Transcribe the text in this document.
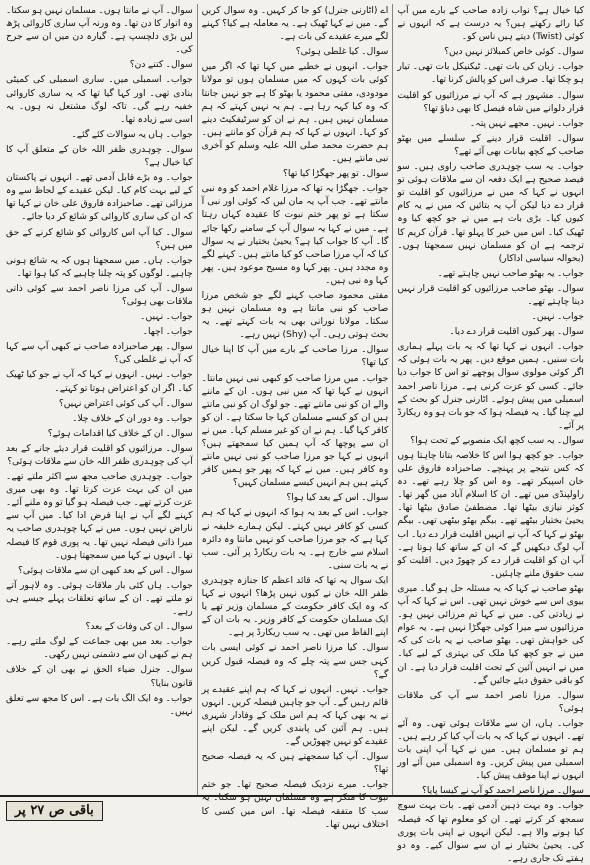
سوال۔ آپ نے مانتا ہوں۔ مسلمان نہیں ہو سکتا۔ وہ اتوار کا دن تھا۔ وہ ورنہ آپ ساری کاروائی پڑھ لیں بڑی دلچسپ ہے۔ گیارہ دن میں ان سے جرح کی۔

سوال۔ کتنے دن؟

جواب۔ اسمبلی میں۔ ساری اسمبلی کی کمیٹی بنادی تھی۔ اور کہا گیا تھا کہ یہ ساری کاروائی خفیہ رہے گی۔ تاکہ لوگ مشتعل نہ ہوں۔ یہ اسی سے زیادہ تھا۔

جواب۔ ہاں یہ سوالات کئے گئے۔

سوال۔ چوہدری ظفر اللہ خان کے متعلق آپ کا کیا خیال ہے؟

جواب۔ وہ بڑے قابل آدمی تھے۔ انہوں نے پاکستان کے لیے بہت کام کیا۔ لیکن عقیدے کے لحاظ سے وہ مرزائی تھے۔ صاحبزادہ فاروق علی خان نے کہا تھا کہ ان کی ساری کاروائی کو شائع کر دیا جائے۔

سوال۔ کیا آپ اس کاروائی کو شائع کرنے کے حق میں ہیں؟

جواب۔ ہاں۔ میں سمجھتا ہوں کہ یہ شائع ہونی چاہیے۔ لوگوں کو پتہ چلنا چاہیے کہ کیا ہوا تھا۔

سوال۔ آپ کی مرزا ناصر احمد سے کوئی ذاتی ملاقات بھی ہوئی؟

جواب۔ نہیں۔

جواب۔ اچھا۔

سوال۔ پھر صاحبزادہ صاحب نے کبھی آپ سے کہا کہ آپ نے غلطی کی؟

جواب۔ نہیں۔ انہوں نے کہا کہ آپ نے جو کیا ٹھیک کیا۔ اگر ان کو اعتراض ہوتا تو کہتے۔

سوال۔ آپ کی کوئی اعتراض نہیں؟

جواب۔ وہ دور ان کے خلاف چلا۔

سوال۔ ان کے خلاف کیا اقدامات ہوئے؟

سوال۔ مرزائیوں کو اقلیت قرار دیئے جانے کے بعد آپ کی چوہدری ظفر اللہ خان سے ملاقات ہوئی؟

جواب۔ چوہدری صاحب مجھ سے اکثر ملتے تھے۔ میں ان کی بہت عزت کرتا تھا۔ وہ بھی میری عزت کرتے تھے۔ جب فیصلہ ہو گیا تو وہ ملنے آئے۔ کہنے لگے آپ نے اپنا فرض ادا کیا۔ میں آپ سے ناراض نہیں ہوں۔ میں نے کہا چوہدری صاحب یہ میرا ذاتی فیصلہ نہیں تھا۔ یہ پوری قوم کا فیصلہ تھا۔ انہوں نے کہا میں سمجھتا ہوں۔

سوال۔ اس کے بعد کبھی ان سے ملاقات ہوئی؟

جواب۔ ہاں کئی بار ملاقات ہوئی۔ وہ لاہور آتے تو ملتے تھے۔ ان کے ساتھ تعلقات پہلے جیسے ہی رہے۔

سوال۔ ان کی وفات کے بعد؟

جواب۔ بعد میں بھی جماعت کے لوگ ملتے رہے۔ ہم نے کبھی ان سے دشمنی نہیں رکھی۔

سوال۔ جنرل ضیاء الحق نے بھی ان کے خلاف قانون بنایا؟

جواب۔ وہ ایک الگ بات ہے۔ اس کا مجھ سے تعلق نہیں۔

اے (اٹارنی جنرل) کو جا کر کہیں۔ وہ سوال کریں گے۔ میں نے کہا ٹھیک ہے۔ یہ معاملہ ہے کیا؟ کہنے لگے میرے عقیدے کی بات ہے۔

سوال۔ کیا غلطی ہوئی؟

جواب۔ انہوں نے خطبے میں کہا تھا کہ اگر میں کوئی بات کہوں کہ میں مسلمان ہوں تو مولانا مودودی، مفتی محمود یا بھٹو کا ہے جو نہیں جانتا کہ وہ کیا کہہ رہا ہے۔ ہم یہ نہیں کہتے کہ ہم مسلمان نہیں ہیں۔ ہم نے ان کو سرٹیفکیٹ دینے کو کہا۔ انہوں نے کہا کہ ہم قرآن کو مانتے ہیں۔ ہم حضرت محمد صلی اللہ علیہ وسلم کو آخری نبی مانتے ہیں۔

سوال۔ تو پھر جھگڑا کیا تھا؟

جواب۔ جھگڑا یہ تھا کہ مرزا غلام احمد کو وہ نبی مانتے تھے۔ جب آپ یہ مان لیں کہ کوئی اور نبی آ سکتا ہے تو پھر ختم نبوت کا عقیدہ کہاں رہتا ہے۔ میں نے کہا یہ سوال آپ کے سامنے رکھا جائے گا۔ آپ کا جواب کیا ہے؟ یحییٰ بختیار نے یہ سوال کیا کہ آپ مرزا صاحب کو کیا مانتے ہیں۔ کہنے لگے وہ مجدد ہیں۔ پھر کہا وہ مسیح موعود ہیں۔ پھر کہا وہ نبی ہیں۔

مفتی محمود صاحب کہنے لگے جو شخص مرزا صاحب کو نبی مانتا ہے وہ مسلمان نہیں ہو سکتا۔ مولانا نورانی بھی یہ بات کہتے تھے۔ یہ بحث ہوتی رہی۔ آپ (Shy) نہیں رہے۔

سوال۔ مرزا صاحب کے بارے میں آپ کا اپنا خیال کیا تھا؟

جواب۔ میں مرزا صاحب کو کبھی نبی نہیں مانتا۔ انہوں نے کہا تھا کہ میں نبی ہوں۔ ان کے ماننے والے ان کو نبی مانتے تھے۔ جو لوگ ان کو نبی مانتے ہیں ان کو کیسے مسلمان کہا جا سکتا ہے۔ ان کو کافر کہا گیا۔ ہم نے ان کو غیر مسلم کہا۔ میں نے ان سے پوچھا کہ آپ ہمیں کیا سمجھتے ہیں؟ انہوں نے کہا جو مرزا صاحب کو نبی نہیں مانتے وہ کافر ہیں۔ میں نے کہا کہ پھر جو ہمیں کافر کہتے ہیں ہم انہیں کیسے مسلمان کہیں؟

سوال۔ اس کے بعد کیا ہوا؟

جواب۔ اس کے بعد یہ ہوا کہ انہوں نے کہا کہ ہم کسی کو کافر نہیں کہتے۔ لیکن ہمارے خلیفہ نے کہا ہے کہ جو مرزا صاحب کو نہیں مانتا وہ دائرہ اسلام سے خارج ہے۔ یہ بات ریکارڈ پر آئی۔ سب نے یہ بات سنی۔

ایک سوال یہ تھا کہ قائد اعظم کا جنازہ چوہدری ظفر اللہ خان نے کیوں نہیں پڑھا؟ انہوں نے کہا کہ وہ ایک کافر حکومت کے مسلمان وزیر تھے یا ایک مسلمان حکومت کے کافر وزیر۔ یہ بات ان کے اپنے الفاظ میں تھی۔ یہ سب ریکارڈ پر ہے۔

سوال۔ کیا مرزا ناصر احمد نے کوئی ایسی بات کہی جس سے پتہ چلے کہ وہ فیصلہ قبول کریں گے؟

جواب۔ نہیں۔ انہوں نے کہا کہ ہم اپنے عقیدے پر قائم رہیں گے۔ آپ جو چاہیں فیصلہ کریں۔ انہوں نے یہ بھی کہا کہ ہم اس ملک کے وفادار شہری ہیں۔ ہم آئین کی پابندی کریں گے۔ لیکن اپنے عقیدے کو نہیں چھوڑیں گے۔

سوال۔ آپ کیا سمجھتے ہیں کہ یہ فیصلہ صحیح تھا؟

جواب۔ میرے نزدیک فیصلہ صحیح تھا۔ جو ختم نبوت کا منکر ہے وہ مسلمان نہیں ہو سکتا۔ یہ سب کا متفقہ فیصلہ تھا۔ اس میں کسی کا اختلاف نہیں تھا۔

کیا خیال ہے؟ نواب زادہ صاحب کے بارے میں آپ کیا رائے رکھتے ہیں؟ یہ درست ہے کہ انہوں نے کوئی (Twist) دیتے ہیں ناس کو۔

سوال۔ کوئی خاص کمبلائز نہیں دیں؟

جواب۔ زبان کی بات تھی۔ ٹیکنیکل بات تھی۔ تیار ہو چکا تھا۔ صرف اس کو پالش کرنا تھا۔

سوال۔ مشہور ہے کہ آپ نے مرزائیوں کو اقلیت قرار دلوانے میں شاہ فیصل کا بھی دباؤ تھا؟

جواب۔ نہیں۔ مجھے نہیں پتہ۔

سوال۔ اقلیت قرار دینے کے سلسلے میں بھٹو صاحب کے کچھ بیانات بھی آئے تھے؟

جواب۔ یہ سب چوہدری صاحب راوی ہیں۔ سو فیصد صحیح ہے ایک دفعہ ان سے ملاقات ہوئی تو انہوں نے کہا کہ میں نے مرزائیوں کو اقلیت تو قرار دے دیا لیکن آپ یہ بتائیں کہ میں نے یہ کام کیوں کیا۔ بڑی بات ہے میں نے جو کچھ کیا وہ ٹھیک کیا۔ اس میں خیر کا پہلو تھا۔ قرآن کریم کا ترجمہ ہے ان کو مسلمان نہیں سمجھتا ہوں۔ (بحوالہ سیاسی اداکار)

جواب۔ یہ بھٹو صاحب نہیں چاہتے تھے۔

سوال۔ بھٹو صاحب مرزائیوں کو اقلیت قرار نہیں دینا چاہتے تھے۔

جواب۔ نہیں۔

سوال۔ پھر کیوں اقلیت قرار دے دیا۔

جواب۔ انہوں نے کہا تھا کہ یہ بات پہلے ہماری بات سنیں۔ ہمیں موقع دیں۔ پھر یہ بات ہوئی کہ اگر کوئی مولوی سوال پوچھے تو اس کا جواب دیا جائے۔ کسی کو عزت کرنی ہے۔ مرزا ناصر احمد اسمبلی میں پیش ہوئے۔ اٹارنی جنرل کو بحث کے لیے چنا گیا۔ یہ فیصلہ ہوا کہ جو بات ہو وہ ریکارڈ پر آئے۔

سوال۔ یہ سب کچھ ایک منصوبے کے تحت ہوا؟

جواب۔ جو کچھ ہوا اس کا خلاصہ بتانا چاہتا ہوں کہ کس نتیجے پر پہنچے۔ صاحبزادہ فاروق علی خان اسپیکر تھے۔ وہ اس کو چلا رہے تھے۔ دہ راولپنڈی میں تھے۔ ان کا اسلام آباد میں گھر تھا۔ کوثر نیازی بیٹھا تھا۔ مصطفیٰ صادق بیٹھا تھا۔ یحییٰ بختیار بیٹھے تھے۔ بیگم بھٹو بیٹھی تھی۔ بیگم بھٹو نے کہا کہ آپ نے انہیں اقلیت قرار دے دیا۔ اب آپ لوگ دیکھیں گے کہ ان کے ساتھ کیا ہوتا ہے۔ آپ ان کو اقلیت قرار دے کر چھوڑ دیں۔ اقلیت کو سب حقوق ملنے چاہئیں۔

بھٹو صاحب نے کہا کہ یہ مسئلہ حل ہو گیا۔ میری بیوی اس سے خوش نہیں تھی۔ اس نے کہا کہ آپ نے زیادتی کی۔ میں نے کہا تم مرزائی نہیں ہو۔ مرزائیوں سے میرا کوئی جھگڑا نہیں ہے۔ یہ عوام کی خواہش تھی۔ بھٹو صاحب نے یہ بات کی کہ میں نے جو کچھ کیا ملک کی بہتری کے لیے کیا۔ میں نے انہیں آئین کے تحت اقلیت قرار دیا ہے۔ ان کو باقی حقوق دیئے جائیں گے۔

سوال۔ مرزا ناصر احمد سے آپ کی ملاقات ہوئی؟

جواب۔ ہاں، ان سے ملاقات ہوئی تھی۔ وہ آئے تھے۔ انہوں نے کہا کہ یہ بات آپ کیا کر رہے ہیں۔ ہم تو مسلمان ہیں۔ میں نے کہا آپ اپنی بات اسمبلی میں پیش کریں۔ وہ اسمبلی میں آئے اور انہوں نے اپنا موقف پیش کیا۔

سوال۔ مرزا ناصر احمد کو آپ نے کیسا پایا؟

جواب۔ وہ بہت ذہین آدمی تھے۔ بات بہت سوچ سمجھ کر کرتے تھے۔ ان کو معلوم تھا کہ فیصلہ کیا ہونے والا ہے۔ لیکن انہوں نے اپنی بات پوری کی۔ یحییٰ بختیار نے ان سے سوال کیے۔ وہ دو ہفتے تک جاری رہے۔

باقی ص ۲۷ پر
